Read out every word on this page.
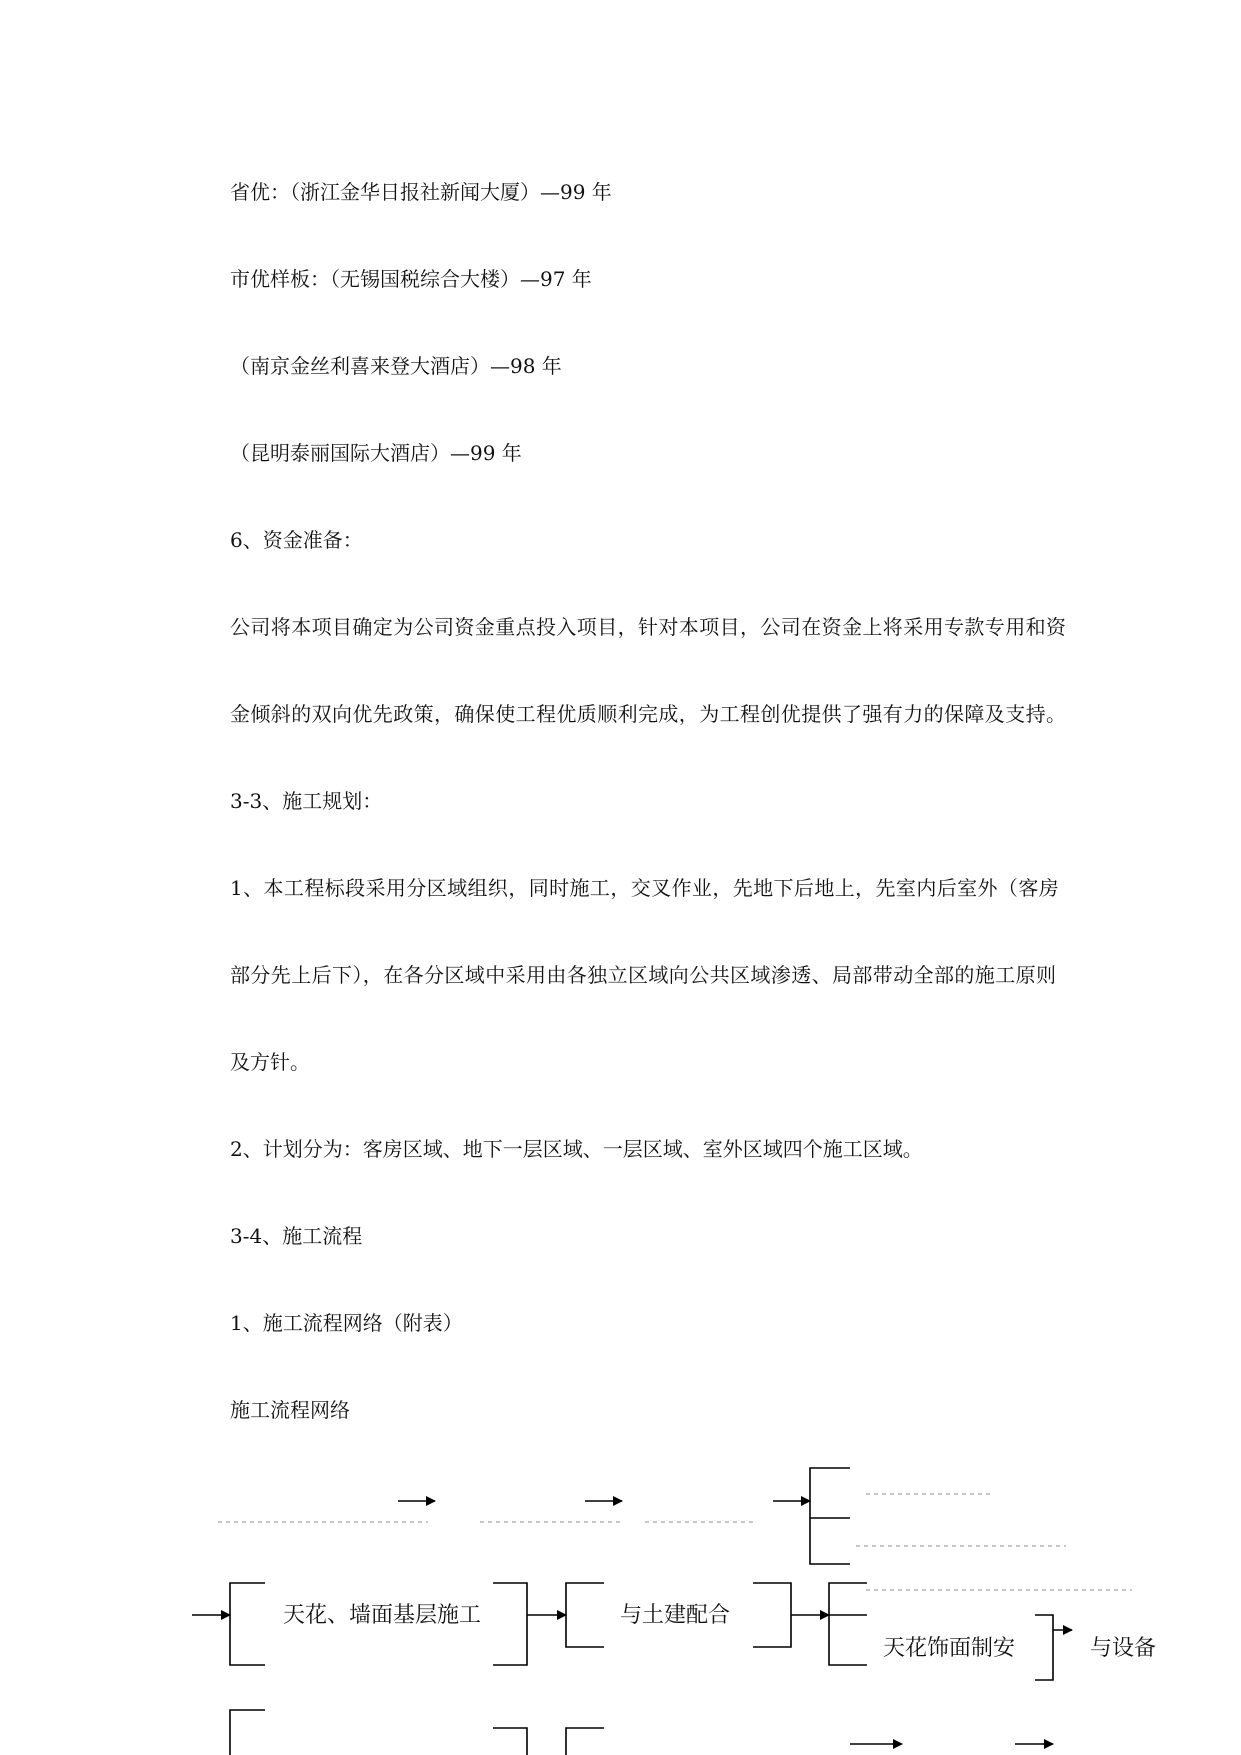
省优：（浙江金华日报社新闻大厦）—99 年

市优样板：（无锡国税综合大楼）—97 年

（南京金丝利喜来登大酒店）—98 年

（昆明泰丽国际大酒店）—99 年

6、资金准备：

公司将本项目确定为公司资金重点投入项目，针对本项目，公司在资金上将采用专款专用和资

金倾斜的双向优先政策，确保使工程优质顺利完成，为工程创优提供了强有力的保障及支持。

3-3、施工规划：

1、本工程标段采用分区域组织，同时施工，交叉作业，先地下后地上，先室内后室外（客房

部分先上后下），在各分区域中采用由各独立区域向公共区域渗透、局部带动全部的施工原则

及方针。

2、计划分为：客房区域、地下一层区域、一层区域、室外区域四个施工区域。

3-4、施工流程

1、施工流程网络（附表）

施工流程网络

天花、墙面基层施工	与土建配合
天花饰面制安	与设备
